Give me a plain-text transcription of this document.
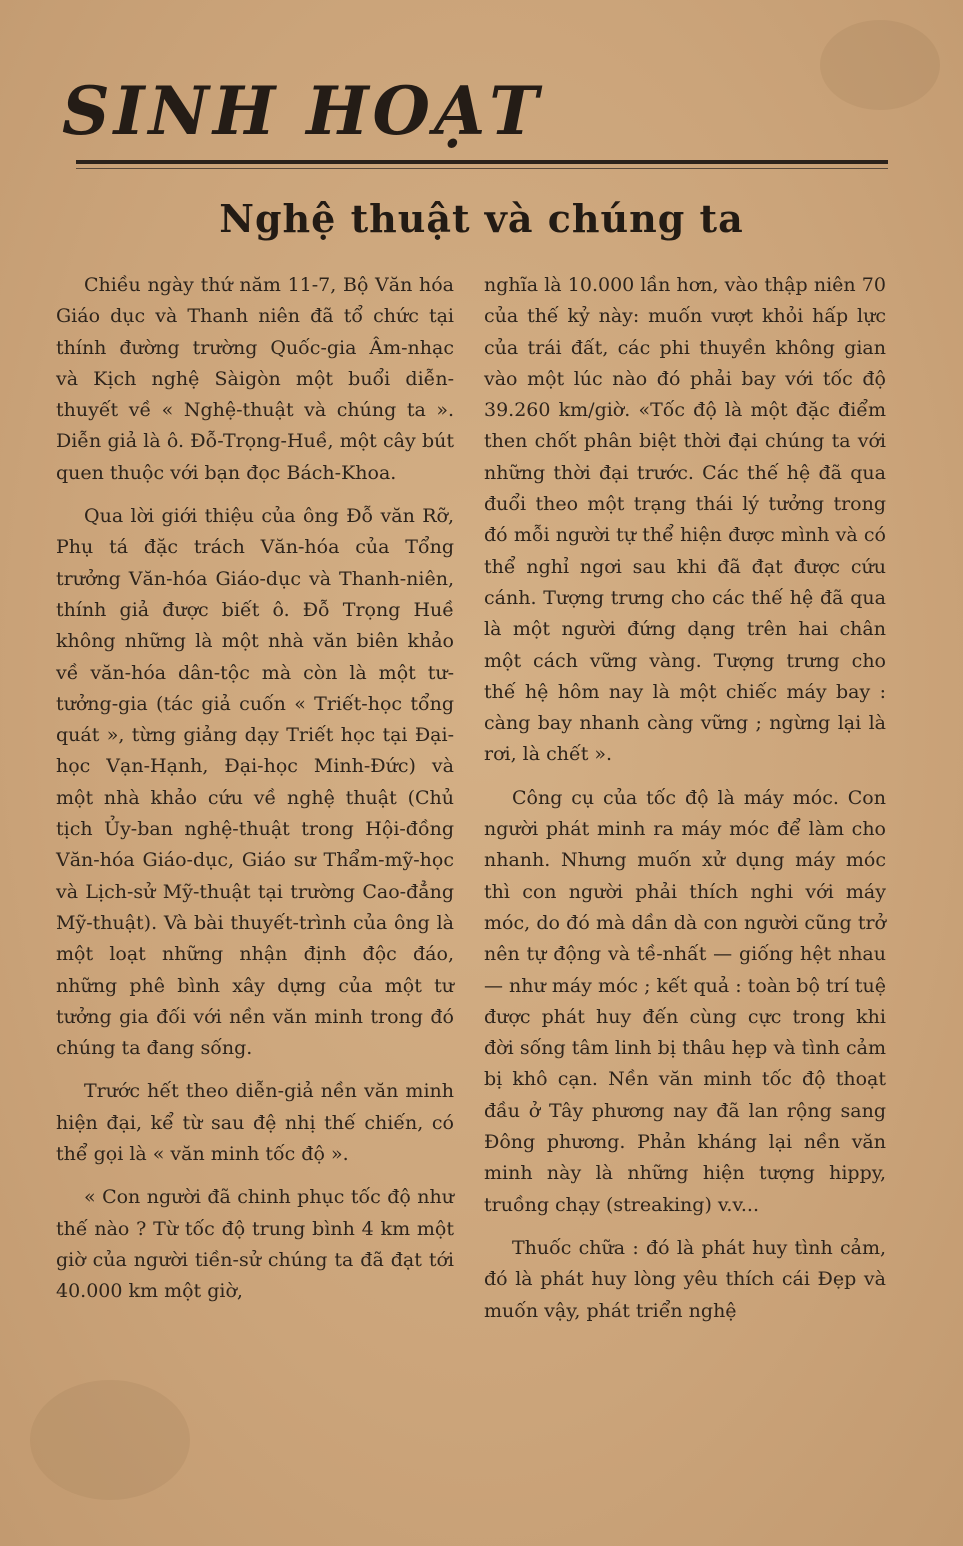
SINH HOẠT
Nghệ thuật và chúng ta

Chiều ngày thứ năm 11-7, Bộ Văn hóa Giáo dục và Thanh niên đã tổ chức tại thính đường trường Quốc-gia Âm-nhạc và Kịch nghệ Sàigòn một buổi diễn-thuyết về « Nghệ-thuật và chúng ta ». Diễn giả là ô. Đỗ-Trọng-Huề, một cây bút quen thuộc với bạn đọc Bách-Khoa.

Qua lời giới thiệu của ông Đỗ văn Rỡ, Phụ tá đặc trách Văn-hóa của Tổng trưởng Văn-hóa Giáo-dục và Thanh-niên, thính giả được biết ô. Đỗ Trọng Huề không những là một nhà văn biên khảo về văn-hóa dân-tộc mà còn là một tư-tưởng-gia (tác giả cuốn « Triết-học tổng quát », từng giảng dạy Triết học tại Đại-học Vạn-Hạnh, Đại-học Minh-Đức) và một nhà khảo cứu về nghệ thuật (Chủ tịch Ủy-ban nghệ-thuật trong Hội-đồng Văn-hóa Giáo-dục, Giáo sư Thẩm-mỹ-học và Lịch-sử Mỹ-thuật tại trường Cao-đẳng Mỹ-thuật). Và bài thuyết-trình của ông là một loạt những nhận định độc đáo, những phê bình xây dựng của một tư tưởng gia đối với nền văn minh trong đó chúng ta đang sống.

Trước hết theo diễn-giả nền văn minh hiện đại, kể từ sau đệ nhị thế chiến, có thể gọi là « văn minh tốc độ ».

« Con người đã chinh phục tốc độ như thế nào ? Từ tốc độ trung bình 4 km một giờ của người tiền-sử chúng ta đã đạt tới 40.000 km một giờ,

nghĩa là 10.000 lần hơn, vào thập niên 70 của thế kỷ này: muốn vượt khỏi hấp lực của trái đất, các phi thuyền không gian vào một lúc nào đó phải bay với tốc độ 39.260 km/giờ. «Tốc độ là một đặc điểm then chốt phân biệt thời đại chúng ta với những thời đại trước. Các thế hệ đã qua đuổi theo một trạng thái lý tưởng trong đó mỗi người tự thể hiện được mình và có thể nghỉ ngơi sau khi đã đạt được cứu cánh. Tượng trưng cho các thế hệ đã qua là một người đứng dạng trên hai chân một cách vững vàng. Tượng trưng cho thế hệ hôm nay là một chiếc máy bay : càng bay nhanh càng vững ; ngừng lại là rơi, là chết ».

Công cụ của tốc độ là máy móc. Con người phát minh ra máy móc để làm cho nhanh. Nhưng muốn xử dụng máy móc thì con người phải thích nghi với máy móc, do đó mà dần dà con người cũng trở nên tự động và tề-nhất — giống hệt nhau— như máy móc ; kết quả : toàn bộ trí tuệ được phát huy đến cùng cực trong khi đời sống tâm linh bị thâu hẹp và tình cảm bị khô cạn. Nền văn minh tốc độ thoạt đầu ở Tây phương nay đã lan rộng sang Đông phương. Phản kháng lại nền văn minh này là những hiện tượng hippy, truồng chạy (streaking) v.v...

Thuốc chữa : đó là phát huy tình cảm, đó là phát huy lòng yêu thích cái Đẹp và muốn vậy, phát triển nghệ
